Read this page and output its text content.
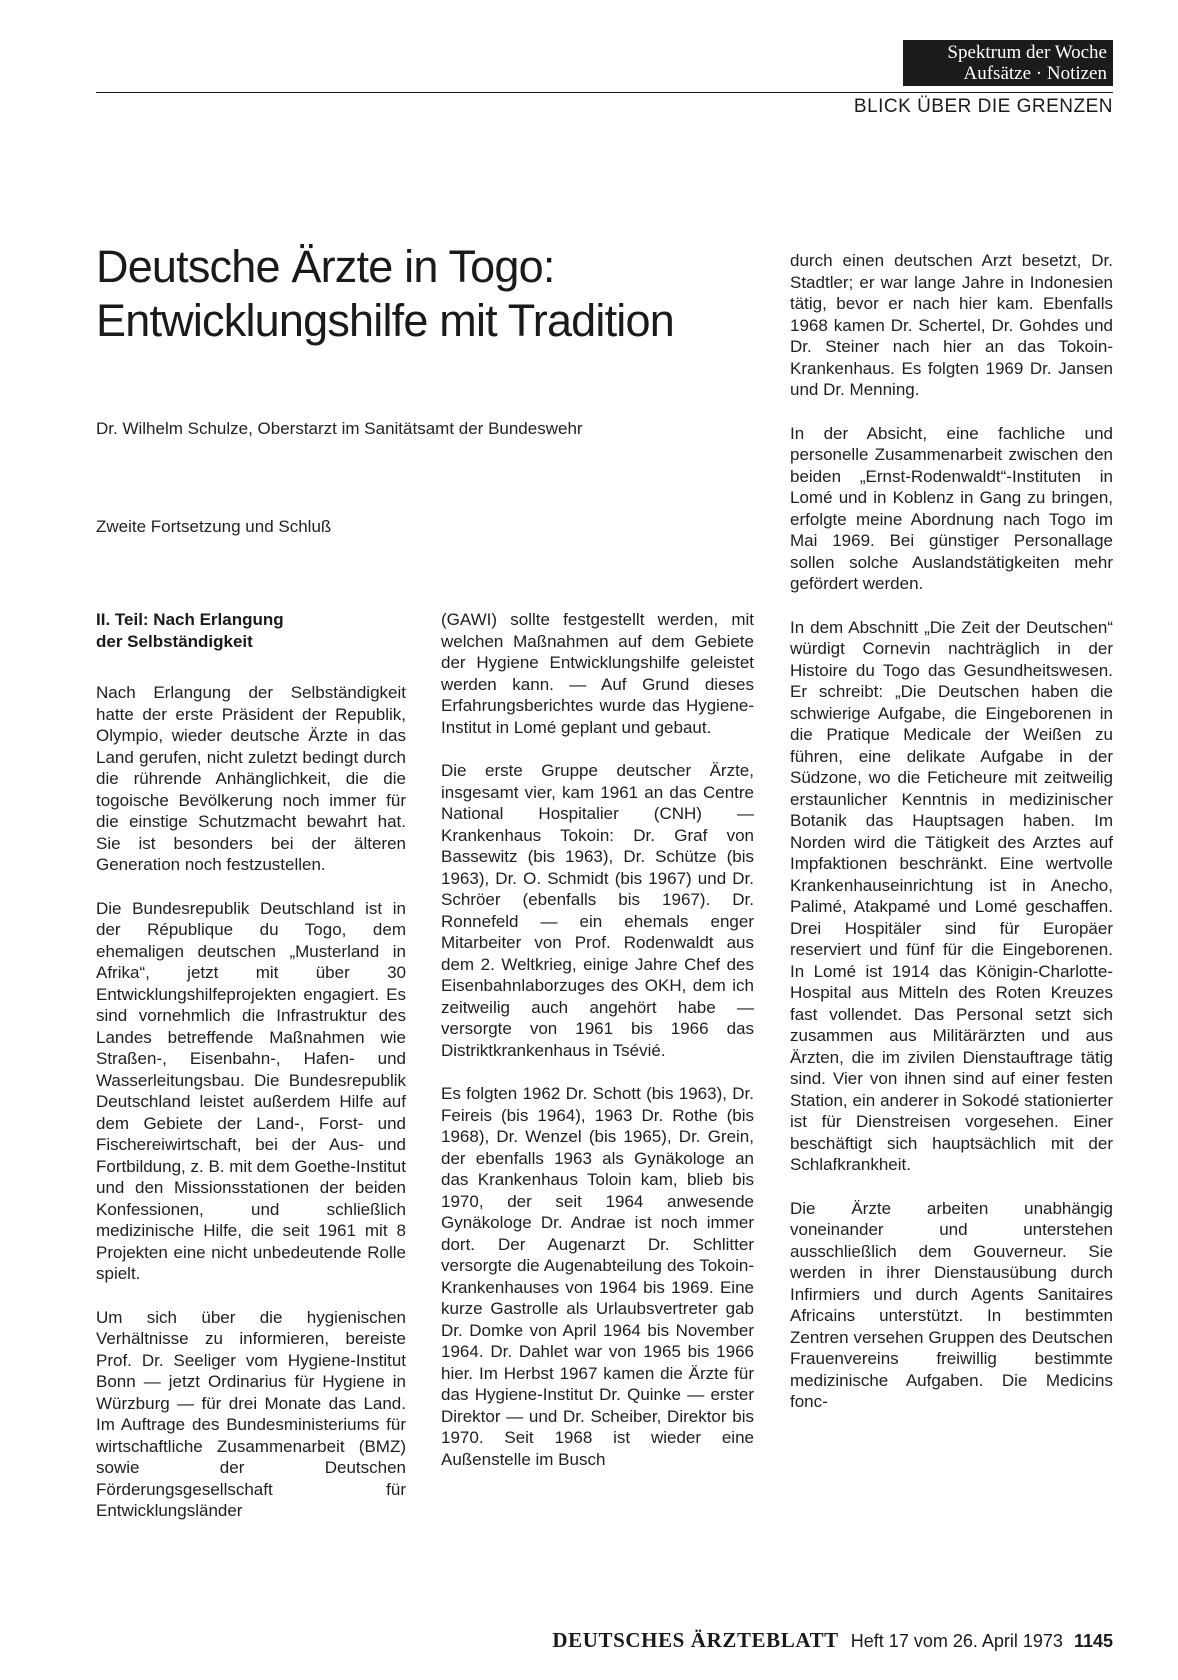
Spektrum der Woche
Aufsätze · Notizen
BLICK ÜBER DIE GRENZEN
Deutsche Ärzte in Togo:
Entwicklungshilfe mit Tradition
Dr. Wilhelm Schulze, Oberstarzt im Sanitätsamt der Bundeswehr
Zweite Fortsetzung und Schluß
II. Teil: Nach Erlangung
der Selbständigkeit

Nach Erlangung der Selbständigkeit hatte der erste Präsident der Republik, Olympio, wieder deutsche Ärzte in das Land gerufen, nicht zuletzt bedingt durch die rührende Anhänglichkeit, die die togoische Bevölkerung noch immer für die einstige Schutzmacht bewahrt hat. Sie ist besonders bei der älteren Generation noch festzustellen.

Die Bundesrepublik Deutschland ist in der République du Togo, dem ehemaligen deutschen „Musterland in Afrika“, jetzt mit über 30 Entwicklungshilfeprojekten engagiert. Es sind vornehmlich die Infrastruktur des Landes betreffende Maßnahmen wie Straßen-, Eisenbahn-, Hafen- und Wasserleitungsbau. Die Bundesrepublik Deutschland leistet außerdem Hilfe auf dem Gebiete der Land-, Forst- und Fischereiwirtschaft, bei der Aus- und Fortbildung, z. B. mit dem Goethe-Institut und den Missionsstationen der beiden Konfessionen, und schließlich medizinische Hilfe, die seit 1961 mit 8 Projekten eine nicht unbedeutende Rolle spielt.

Um sich über die hygienischen Verhältnisse zu informieren, bereiste Prof. Dr. Seeliger vom Hygiene-Institut Bonn — jetzt Ordinarius für Hygiene in Würzburg — für drei Monate das Land. Im Auftrage des Bundesministeriums für wirtschaftliche Zusammenarbeit (BMZ) sowie der Deutschen Förderungsgesellschaft für Entwicklungsländer

(GAWI) sollte festgestellt werden, mit welchen Maßnahmen auf dem Gebiete der Hygiene Entwicklungshilfe geleistet werden kann. — Auf Grund dieses Erfahrungsberichtes wurde das Hygiene-Institut in Lomé geplant und gebaut.

Die erste Gruppe deutscher Ärzte, insgesamt vier, kam 1961 an das Centre National Hospitalier (CNH) — Krankenhaus Tokoin: Dr. Graf von Bassewitz (bis 1963), Dr. Schütze (bis 1963), Dr. O. Schmidt (bis 1967) und Dr. Schröer (ebenfalls bis 1967). Dr. Ronnefeld — ein ehemals enger Mitarbeiter von Prof. Rodenwaldt aus dem 2. Weltkrieg, einige Jahre Chef des Eisenbahnlaborzuges des OKH, dem ich zeitweilig auch angehört habe — versorgte von 1961 bis 1966 das Distriktkrankenhaus in Tsévié.

Es folgten 1962 Dr. Schott (bis 1963), Dr. Feireis (bis 1964), 1963 Dr. Rothe (bis 1968), Dr. Wenzel (bis 1965), Dr. Grein, der ebenfalls 1963 als Gynäkologe an das Krankenhaus Toloin kam, blieb bis 1970, der seit 1964 anwesende Gynäkologe Dr. Andrae ist noch immer dort. Der Augenarzt Dr. Schlitter versorgte die Augenabteilung des Tokoin-Krankenhauses von 1964 bis 1969. Eine kurze Gastrolle als Urlaubsvertreter gab Dr. Domke von April 1964 bis November 1964. Dr. Dahlet war von 1965 bis 1966 hier. Im Herbst 1967 kamen die Ärzte für das Hygiene-Institut Dr. Quinke — erster Direktor — und Dr. Scheiber, Direktor bis 1970. Seit 1968 ist wieder eine Außenstelle im Busch

durch einen deutschen Arzt besetzt, Dr. Stadtler; er war lange Jahre in Indonesien tätig, bevor er nach hier kam. Ebenfalls 1968 kamen Dr. Schertel, Dr. Gohdes und Dr. Steiner nach hier an das Tokoin-Krankenhaus. Es folgten 1969 Dr. Jansen und Dr. Menning.

In der Absicht, eine fachliche und personelle Zusammenarbeit zwischen den beiden „Ernst-Rodenwaldt“-Instituten in Lomé und in Koblenz in Gang zu bringen, erfolgte meine Abordnung nach Togo im Mai 1969. Bei günstiger Personallage sollen solche Auslandstätigkeiten mehr gefördert werden.

In dem Abschnitt „Die Zeit der Deutschen“ würdigt Cornevin nachträglich in der Histoire du Togo das Gesundheitswesen. Er schreibt: „Die Deutschen haben die schwierige Aufgabe, die Eingeborenen in die Pratique Medicale der Weißen zu führen, eine delikate Aufgabe in der Südzone, wo die Feticheure mit zeitweilig erstaunlicher Kenntnis in medizinischer Botanik das Hauptsagen haben. Im Norden wird die Tätigkeit des Arztes auf Impfaktionen beschränkt. Eine wertvolle Krankenhauseinrichtung ist in Anecho, Palimé, Atakpamé und Lomé geschaffen. Drei Hospitäler sind für Europäer reserviert und fünf für die Eingeborenen. In Lomé ist 1914 das Königin-Charlotte-Hospital aus Mitteln des Roten Kreuzes fast vollendet. Das Personal setzt sich zusammen aus Militärärzten und aus Ärzten, die im zivilen Dienstauftrage tätig sind. Vier von ihnen sind auf einer festen Station, ein anderer in Sokodé stationierter ist für Dienstreisen vorgesehen. Einer beschäftigt sich hauptsächlich mit der Schlafkrankheit.

Die Ärzte arbeiten unabhängig voneinander und unterstehen ausschließlich dem Gouverneur. Sie werden in ihrer Dienstausübung durch Infirmiers und durch Agents Sanitaires Africains unterstützt. In bestimmten Zentren versehen Gruppen des Deutschen Frauenvereins freiwillig bestimmte medizinische Aufgaben. Die Medicins fonc-

DEUTSCHES ÄRZTEBLATT Heft 17 vom 26. April 1973 1145
